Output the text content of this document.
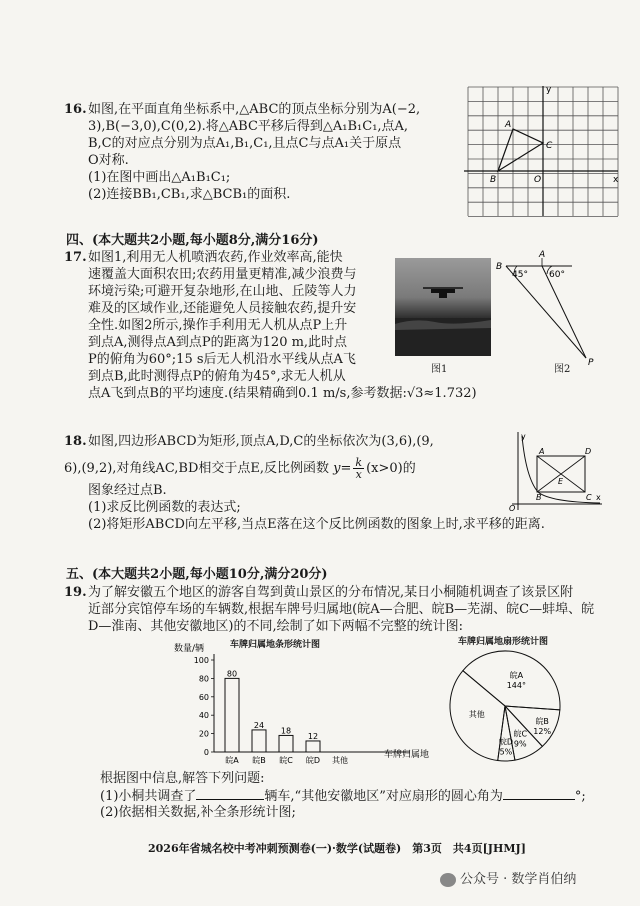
16. 如图,在平面直角坐标系中,△ABC的顶点坐标分别为A(−2,
3),B(−3,0),C(0,2).将△ABC平移后得到△A₁B₁C₁,点A,
B,C的对应点分别为点A₁,B₁,C₁,且点C与点A₁关于原点
O对称.
(1)在图中画出△A₁B₁C₁;
(2)连接BB₁,CB₁,求△BCB₁的面积.
y
x
A
B
C
O
四、(本大题共2小题,每小题8分,满分16分)
17. 如图1,利用无人机喷洒农药,作业效率高,能快
速覆盖大面积农田;农药用量更精准,减少浪费与
环境污染;可避开复杂地形,在山地、丘陵等人力
难及的区域作业,还能避免人员接触农药,提升安
全性.如图2所示,操作手利用无人机从点P上升
到点A,测得点A到点P的距离为120 m,此时点
P的俯角为60°;15 s后无人机沿水平线从点A飞
到点B,此时测得点P的俯角为45°,求无人机从
点A飞到点B的平均速度.(结果精确到0.1 m/s,参考数据:√3≈1.732)
图1
B
A
45° 60°
P
图2
18. 如图,四边形ABCD为矩形,顶点A,D,C的坐标依次为(3,6),(9,
6),(9,2),对角线AC,BD相交于点E,反比例函数 $y= \frac{k}{x} (x>0)$的
图象经过点B.
(1)求反比例函数的表达式;
(2)将矩形ABCD向左平移,当点E落在这个反比例函数的图象上时,求平移的距离.
y
x
O
A	D
B	C
E
五、(本大题共2小题,每小题10分,满分20分)
19. 为了解安徽五个地区的游客自驾到黄山景区的分布情况,某日小桐随机调查了该景区附
近部分宾馆停车场的车辆数,根据车牌号归属地(皖A—合肥、皖B—芜湖、皖C—蚌埠、皖
D—淮南、其他安徽地区)的不同,绘制了如下两幅不完整的统计图:
车牌归属地条形统计图
0
20
40
60
80
100
80
皖A
24
皖B
18
皖C
12
皖D 其他
数量/辆
车牌归属地
车牌归属地扇形统计图
皖A
144°
皖B
12%
皖C
9%
皖D
5%
其他
根据图中信息,解答下列问题:
(1)小桐共调查了	辆车,“其他安徽地区”对应扇形的圆心角为	°;
(2)依据相关数据,补全条形统计图;
2026年省城名校中考冲刺预测卷(一)·数学(试题卷)　第3页　共4页[JHMJ]
公众号 · 数学肖伯纳
